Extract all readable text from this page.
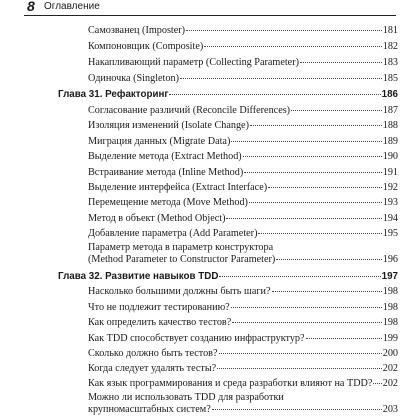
8 Оглавление
Самозванец (Imposter)	181
Компоновщик (Composite)	182
Накапливающий параметр (Collecting Parameter)	183
Одиночка (Singleton)	185
Глава 31. Рефакторинг	186
Согласование различий (Reconcile Differences)	187
Изоляция изменений (Isolate Change)	188
Миграция данных (Migrate Data)	189
Выделение метода (Extract Method)	190
Встраивание метода (Inline Method)	191
Выделение интерфейса (Extract Interface)	192
Перемещение метода (Move Method)	193
Метод в объект (Method Object)	194
Добавление параметра (Add Parameter)	195
Параметр метода в параметр конструктора
(Method Parameter to Constructor Parameter)	196
Глава 32. Развитие навыков TDD	197
Насколько большими должны быть шаги?	198
Что не подлежит тестированию?	198
Как определить качество тестов?	198
Как TDD способствует созданию инфраструктур?	199
Сколько должно быть тестов?	200
Когда следует удалять тесты?	202
Как язык программирования и среда разработки влияют на TDD? 202
Можно ли использовать TDD для разработки
крупномасштабных систем?	203
